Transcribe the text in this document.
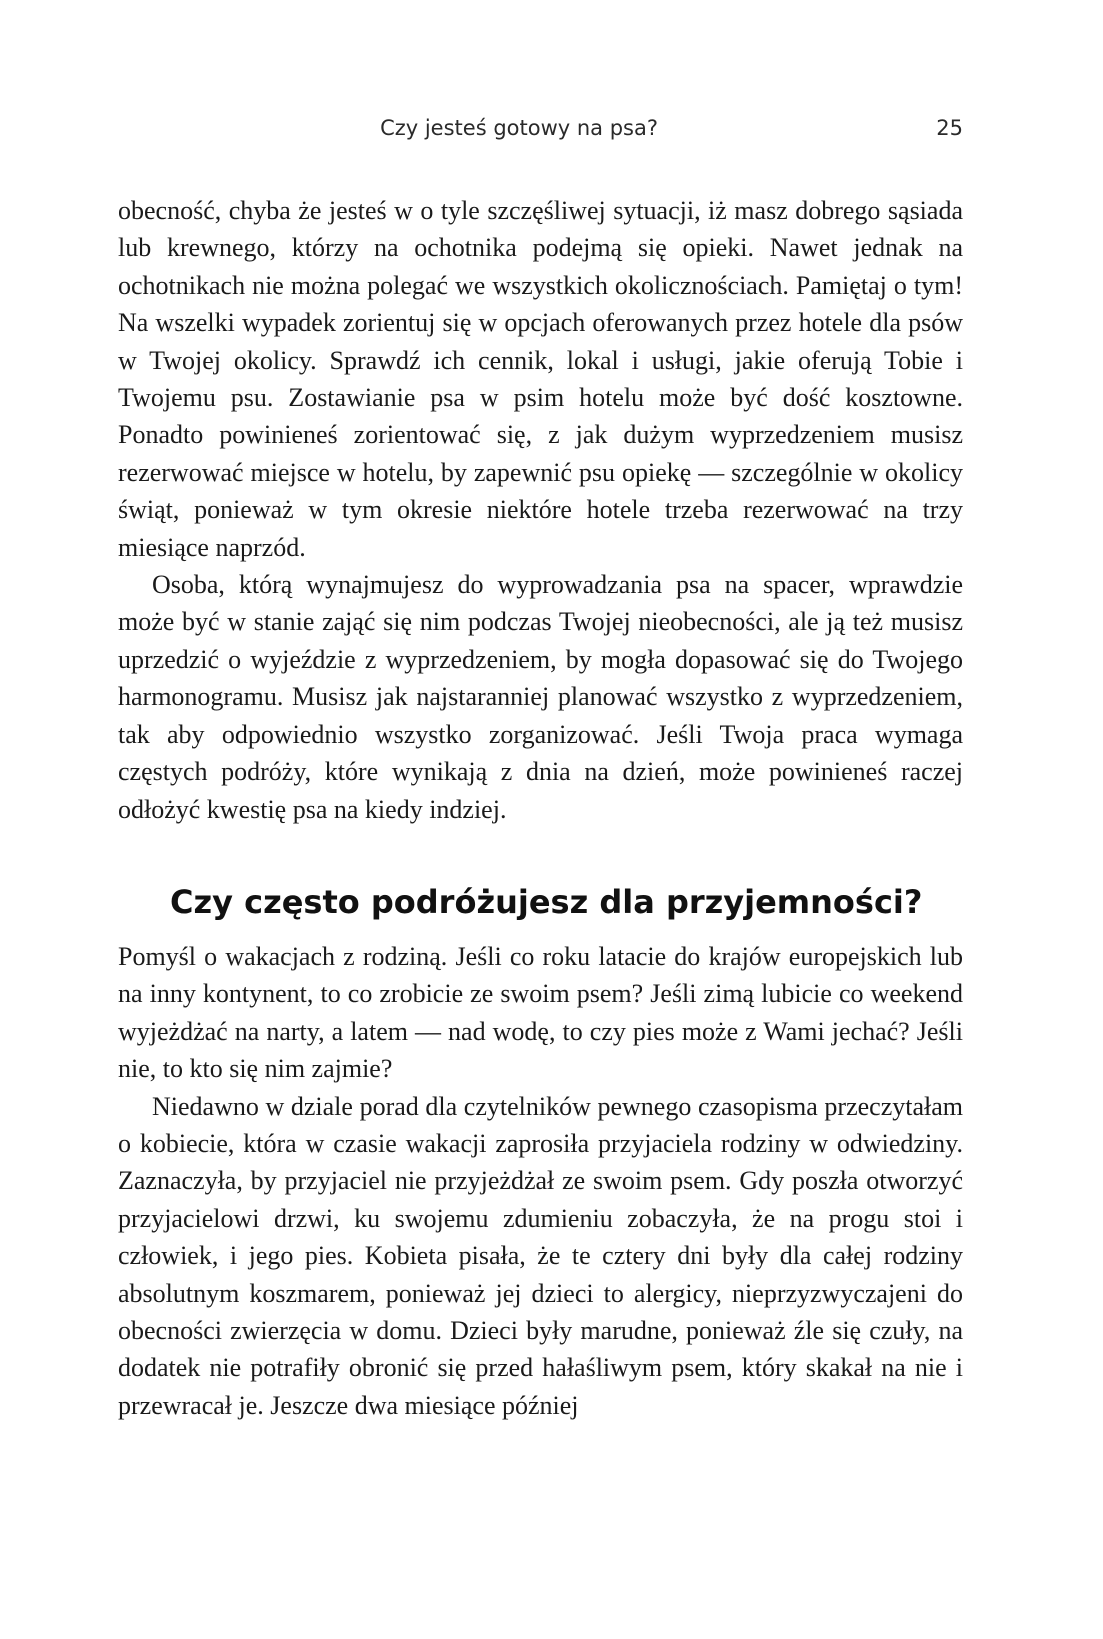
Czy jesteś gotowy na psa?	25

obecność, chyba że jesteś w o tyle szczęśliwej sytuacji, iż masz dobrego sąsiada lub krewnego, którzy na ochotnika podejmą się opieki. Nawet jednak na ochotnikach nie można polegać we wszystkich okolicznościach. Pamiętaj o tym! Na wszelki wypadek zorientuj się w opcjach oferowanych przez hotele dla psów w Twojej okolicy. Sprawdź ich cennik, lokal i usługi, jakie oferują Tobie i Twojemu psu. Zostawianie psa w psim hotelu może być dość kosztowne. Ponadto powinieneś zorientować się, z jak dużym wyprzedzeniem musisz rezerwować miejsce w hotelu, by zapewnić psu opiekę — szczególnie w okolicy świąt, ponieważ w tym okresie niektóre hotele trzeba rezerwować na trzy miesiące naprzód.

Osoba, którą wynajmujesz do wyprowadzania psa na spacer, wprawdzie może być w stanie zająć się nim podczas Twojej nieobecności, ale ją też musisz uprzedzić o wyjeździe z wyprzedzeniem, by mogła dopasować się do Twojego harmonogramu. Musisz jak najstaranniej planować wszystko z wyprzedzeniem, tak aby odpowiednio wszystko zorganizować. Jeśli Twoja praca wymaga częstych podróży, które wynikają z dnia na dzień, może powinieneś raczej odłożyć kwestię psa na kiedy indziej.

Czy często podróżujesz dla przyjemności?

Pomyśl o wakacjach z rodziną. Jeśli co roku latacie do krajów europejskich lub na inny kontynent, to co zrobicie ze swoim psem? Jeśli zimą lubicie co weekend wyjeżdżać na narty, a latem — nad wodę, to czy pies może z Wami jechać? Jeśli nie, to kto się nim zajmie?

Niedawno w dziale porad dla czytelników pewnego czasopisma przeczytałam o kobiecie, która w czasie wakacji zaprosiła przyjaciela rodziny w odwiedziny. Zaznaczyła, by przyjaciel nie przyjeżdżał ze swoim psem. Gdy poszła otworzyć przyjacielowi drzwi, ku swojemu zdumieniu zobaczyła, że na progu stoi i człowiek, i jego pies. Kobieta pisała, że te cztery dni były dla całej rodziny absolutnym koszmarem, ponieważ jej dzieci to alergicy, nieprzyzwyczajeni do obecności zwierzęcia w domu. Dzieci były marudne, ponieważ źle się czuły, na dodatek nie potrafiły obronić się przed hałaśliwym psem, który skakał na nie i przewracał je. Jeszcze dwa miesiące później
